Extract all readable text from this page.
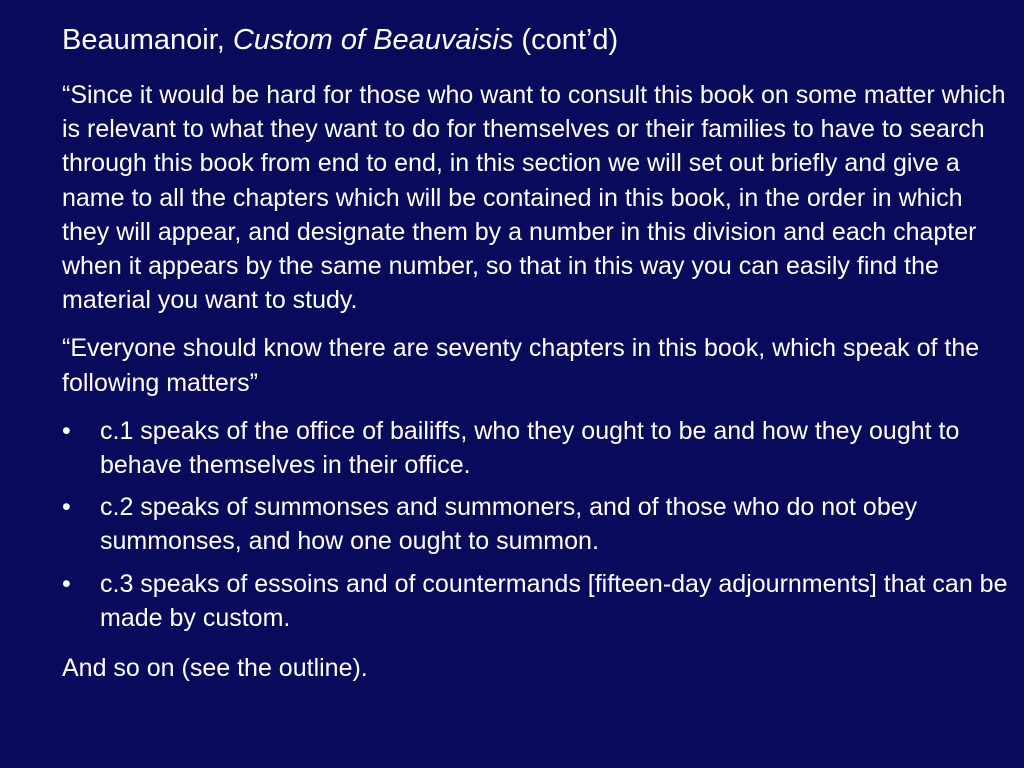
Beaumanoir, Custom of Beauvaisis (cont’d)

“Since it would be hard for those who want to consult this book on some matter which is relevant to what they want to do for themselves or their families to have to search through this book from end to end, in this section we will set out briefly and give a name to all the chapters which will be contained in this book, in the order in which they will appear, and designate them by a number in this division and each chapter when it appears by the same number, so that in this way you can easily find the material you want to study.

“Everyone should know there are seventy chapters in this book, which speak of the following matters”

• c.1 speaks of the office of bailiffs, who they ought to be and how they ought to behave themselves in their office.
• c.2 speaks of summonses and summoners, and of those who do not obey summonses, and how one ought to summon.
• c.3 speaks of essoins and of countermands [fifteen-day adjournments] that can be made by custom.

And so on (see the outline).
